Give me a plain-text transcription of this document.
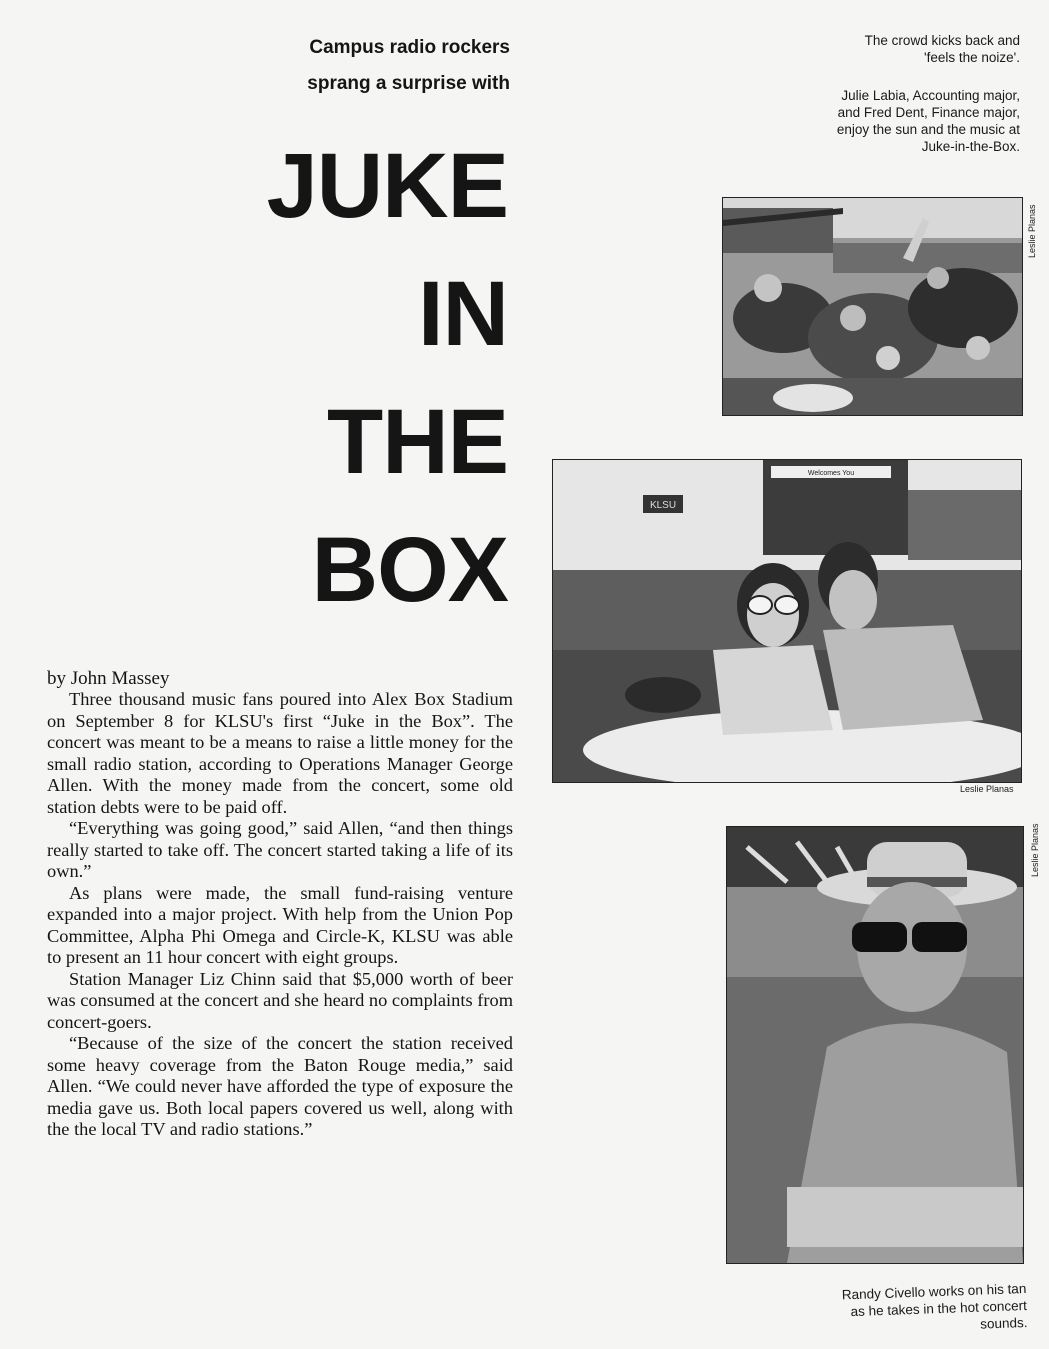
Campus radio rockers
sprang a surprise with
JUKE
IN
THE
BOX
The crowd kicks back and
'feels the noize'.
Julie Labia, Accounting major,
and Fred Dent, Finance major,
enjoy the sun and the music at
Juke-in-the-Box.
Leslie Planas
Welcomes You
KLSU
Leslie Planas
Leslie Planas
Randy Civello works on his tan
as he takes in the hot concert
sounds.
by John Massey

Three thousand music fans poured into Alex Box Stadium on September 8 for KLSU's first “Juke in the Box”. The concert was meant to be a means to raise a little money for the small radio station, according to Operations Manager George Allen. With the money made from the concert, some old station debts were to be paid off.

“Everything was going good,” said Allen, “and then things really started to take off. The concert started taking a life of its own.”

As plans were made, the small fund-raising venture expanded into a major project. With help from the Union Pop Committee, Alpha Phi Omega and Circle-K, KLSU was able to present an 11 hour concert with eight groups.

Station Manager Liz Chinn said that $5,000 worth of beer was consumed at the concert and she heard no complaints from concert-goers.

“Because of the size of the concert the station received some heavy coverage from the Baton Rouge media,” said Allen. “We could never have afforded the type of exposure the media gave us. Both local papers covered us well, along with the the local TV and radio stations.”
